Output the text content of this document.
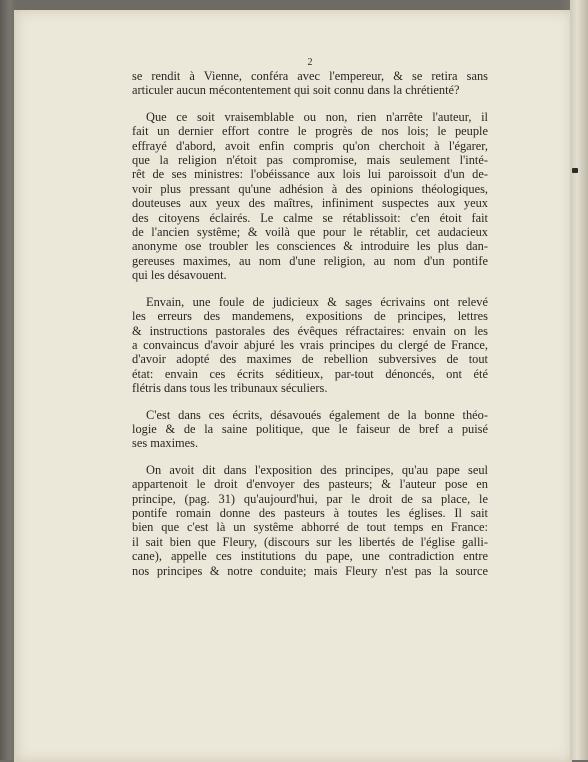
2

se rendit à Vienne, conféra avec l'empereur, & se retira sans
articuler aucun mécontentement qui soit connu dans la chrétienté?

Que ce soit vraisemblable ou non, rien n'arrête l'auteur, il
fait un dernier effort contre le progrès de nos lois; le peuple
effrayé d'abord, avoit enfin compris qu'on cherchoit à l'égarer,
que la religion n'étoit pas compromise, mais seulement l'inté-
rêt de ses ministres: l'obéissance aux lois lui paroissoit d'un de-
voir plus pressant qu'une adhésion à des opinions théologiques,
douteuses aux yeux des maîtres, infiniment suspectes aux yeux
des citoyens éclairés. Le calme se rétablissoit: c'en étoit fait
de l'ancien systême; & voilà que pour le rétablir, cet audacieux
anonyme ose troubler les consciences & introduire les plus dan-
gereuses maximes, au nom d'une religion, au nom d'un pontife
qui les désavouent.

Envain, une foule de judicieux & sages écrivains ont relevé
les erreurs des mandemens, expositions de principes, lettres
& instructions pastorales des évêques réfractaires: envain on les
a convaincus d'avoir abjuré les vrais principes du clergé de France,
d'avoir adopté des maximes de rebellion subversives de tout
état: envain ces écrits séditieux, par-tout dénoncés, ont été
flétris dans tous les tribunaux séculiers.

C'est dans ces écrits, désavoués également de la bonne théo-
logie & de la saine politique, que le faiseur de bref a puisé
ses maximes.

On avoit dit dans l'exposition des principes, qu'au pape seul
appartenoit le droit d'envoyer des pasteurs; & l'auteur pose en
principe, (pag. 31) qu'aujourd'hui, par le droit de sa place, le
pontife romain donne des pasteurs à toutes les églises. Il sait
bien que c'est là un systême abhorré de tout temps en France:
il sait bien que Fleury, (discours sur les libertés de l'église galli-
cane), appelle ces institutions du pape, une contradiction entre
nos principes & notre conduite; mais Fleury n'est pas la source
